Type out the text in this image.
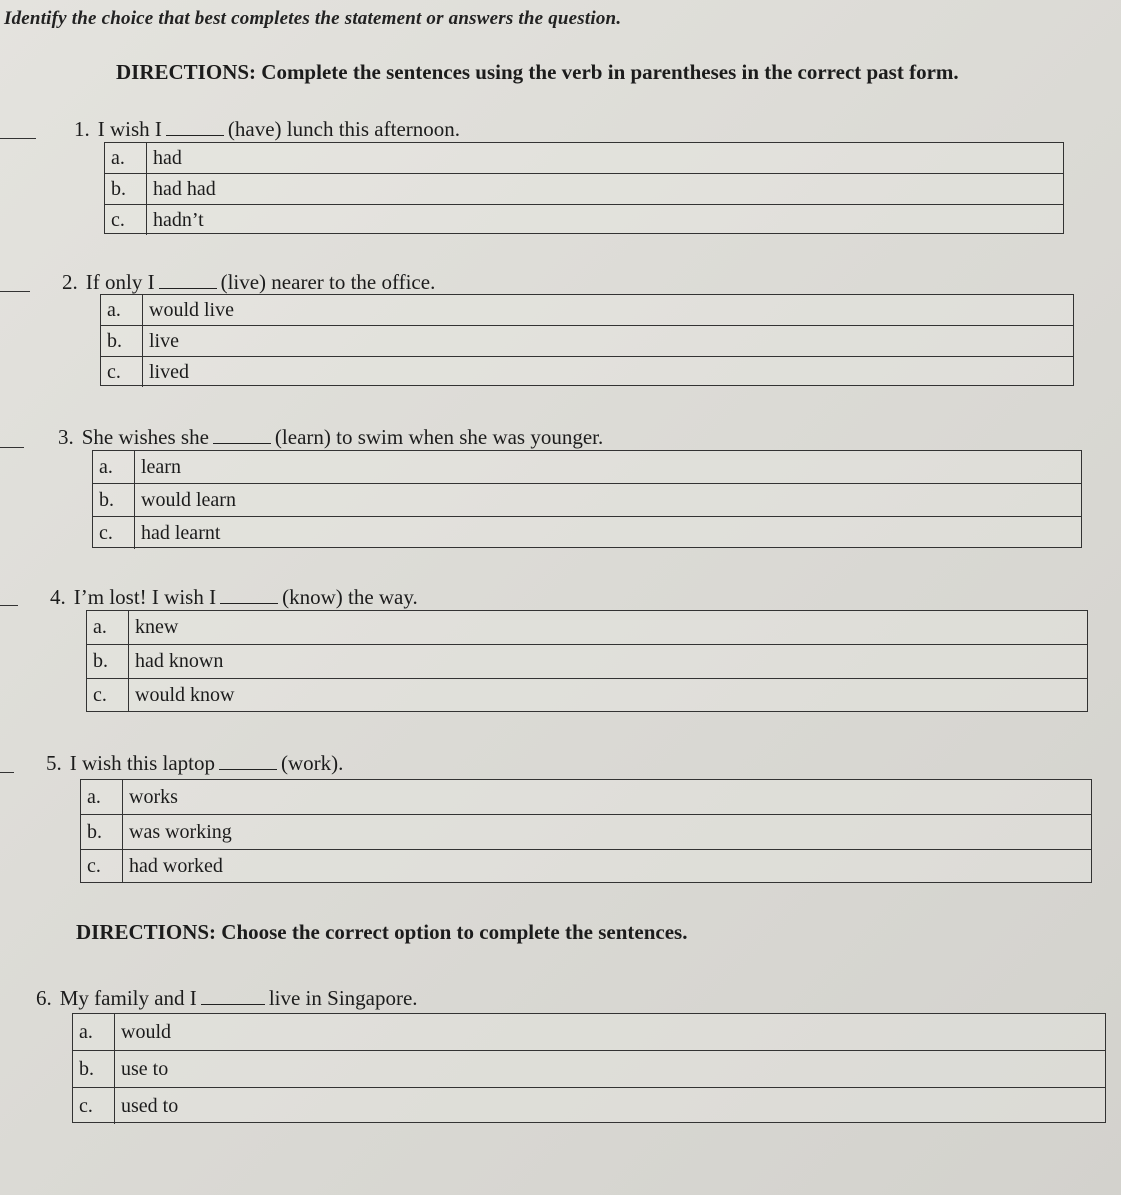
Identify the choice that best completes the statement or answers the question.
DIRECTIONS: Complete the sentences using the verb in parentheses in the correct past form.
1. I wish I	(have) lunch this afternoon.
a.	had
b.	had had
c.	hadn’t
2. If only I	(live) nearer to the office.
a.	would live
b.	live
c.	lived
3. She wishes she	(learn) to swim when she was younger.
a.	learn
b.	would learn
c.	had learnt
4. I’m lost! I wish I	(know) the way.
a.	knew
b.	had known
c.	would know
5. I wish this laptop	(work).
a.	works
b.	was working
c.	had worked
DIRECTIONS: Choose the correct option to complete the sentences.
6. My family and I	live in Singapore.
a.	would
b.	use to
c.	used to
